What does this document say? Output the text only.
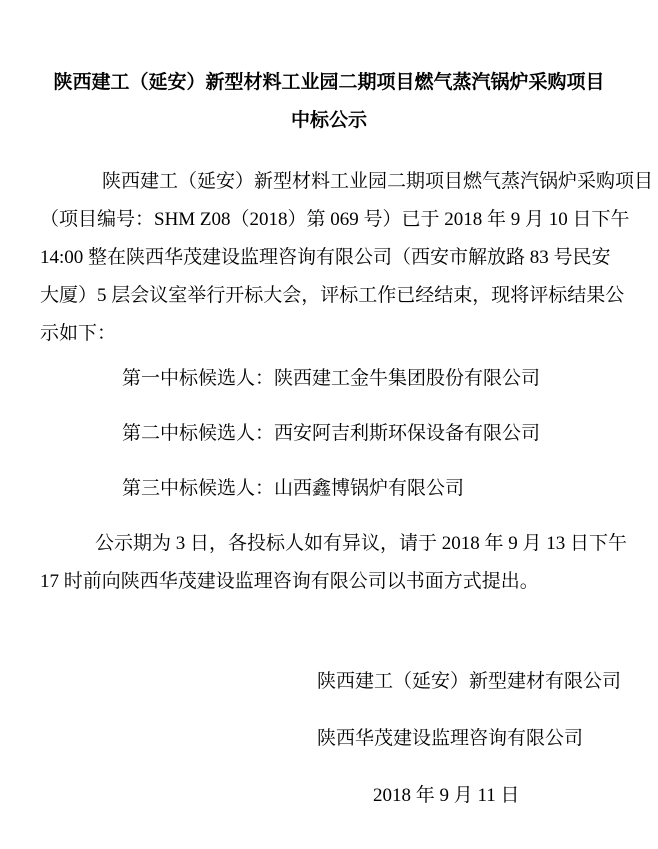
陕西建工（延安）新型材料工业园二期项目燃气蒸汽锅炉采购项目
中标公示
陕西建工（延安）新型材料工业园二期项目燃气蒸汽锅炉采购项目
（项目编号：SHM Z08（2018）第 069 号）已于 2018 年 9 月 10 日下午
14:00 整在陕西华茂建设监理咨询有限公司（西安市解放路 83 号民安
大厦）5 层会议室举行开标大会，评标工作已经结束，现将评标结果公
示如下：
第一中标候选人：陕西建工金牛集团股份有限公司
第二中标候选人：西安阿吉利斯环保设备有限公司
第三中标候选人：山西鑫博锅炉有限公司
公示期为 3 日，各投标人如有异议，请于 2018 年 9 月 13 日下午
17 时前向陕西华茂建设监理咨询有限公司以书面方式提出。
陕西建工（延安）新型建材有限公司
陕西华茂建设监理咨询有限公司
2018 年 9 月 11 日
